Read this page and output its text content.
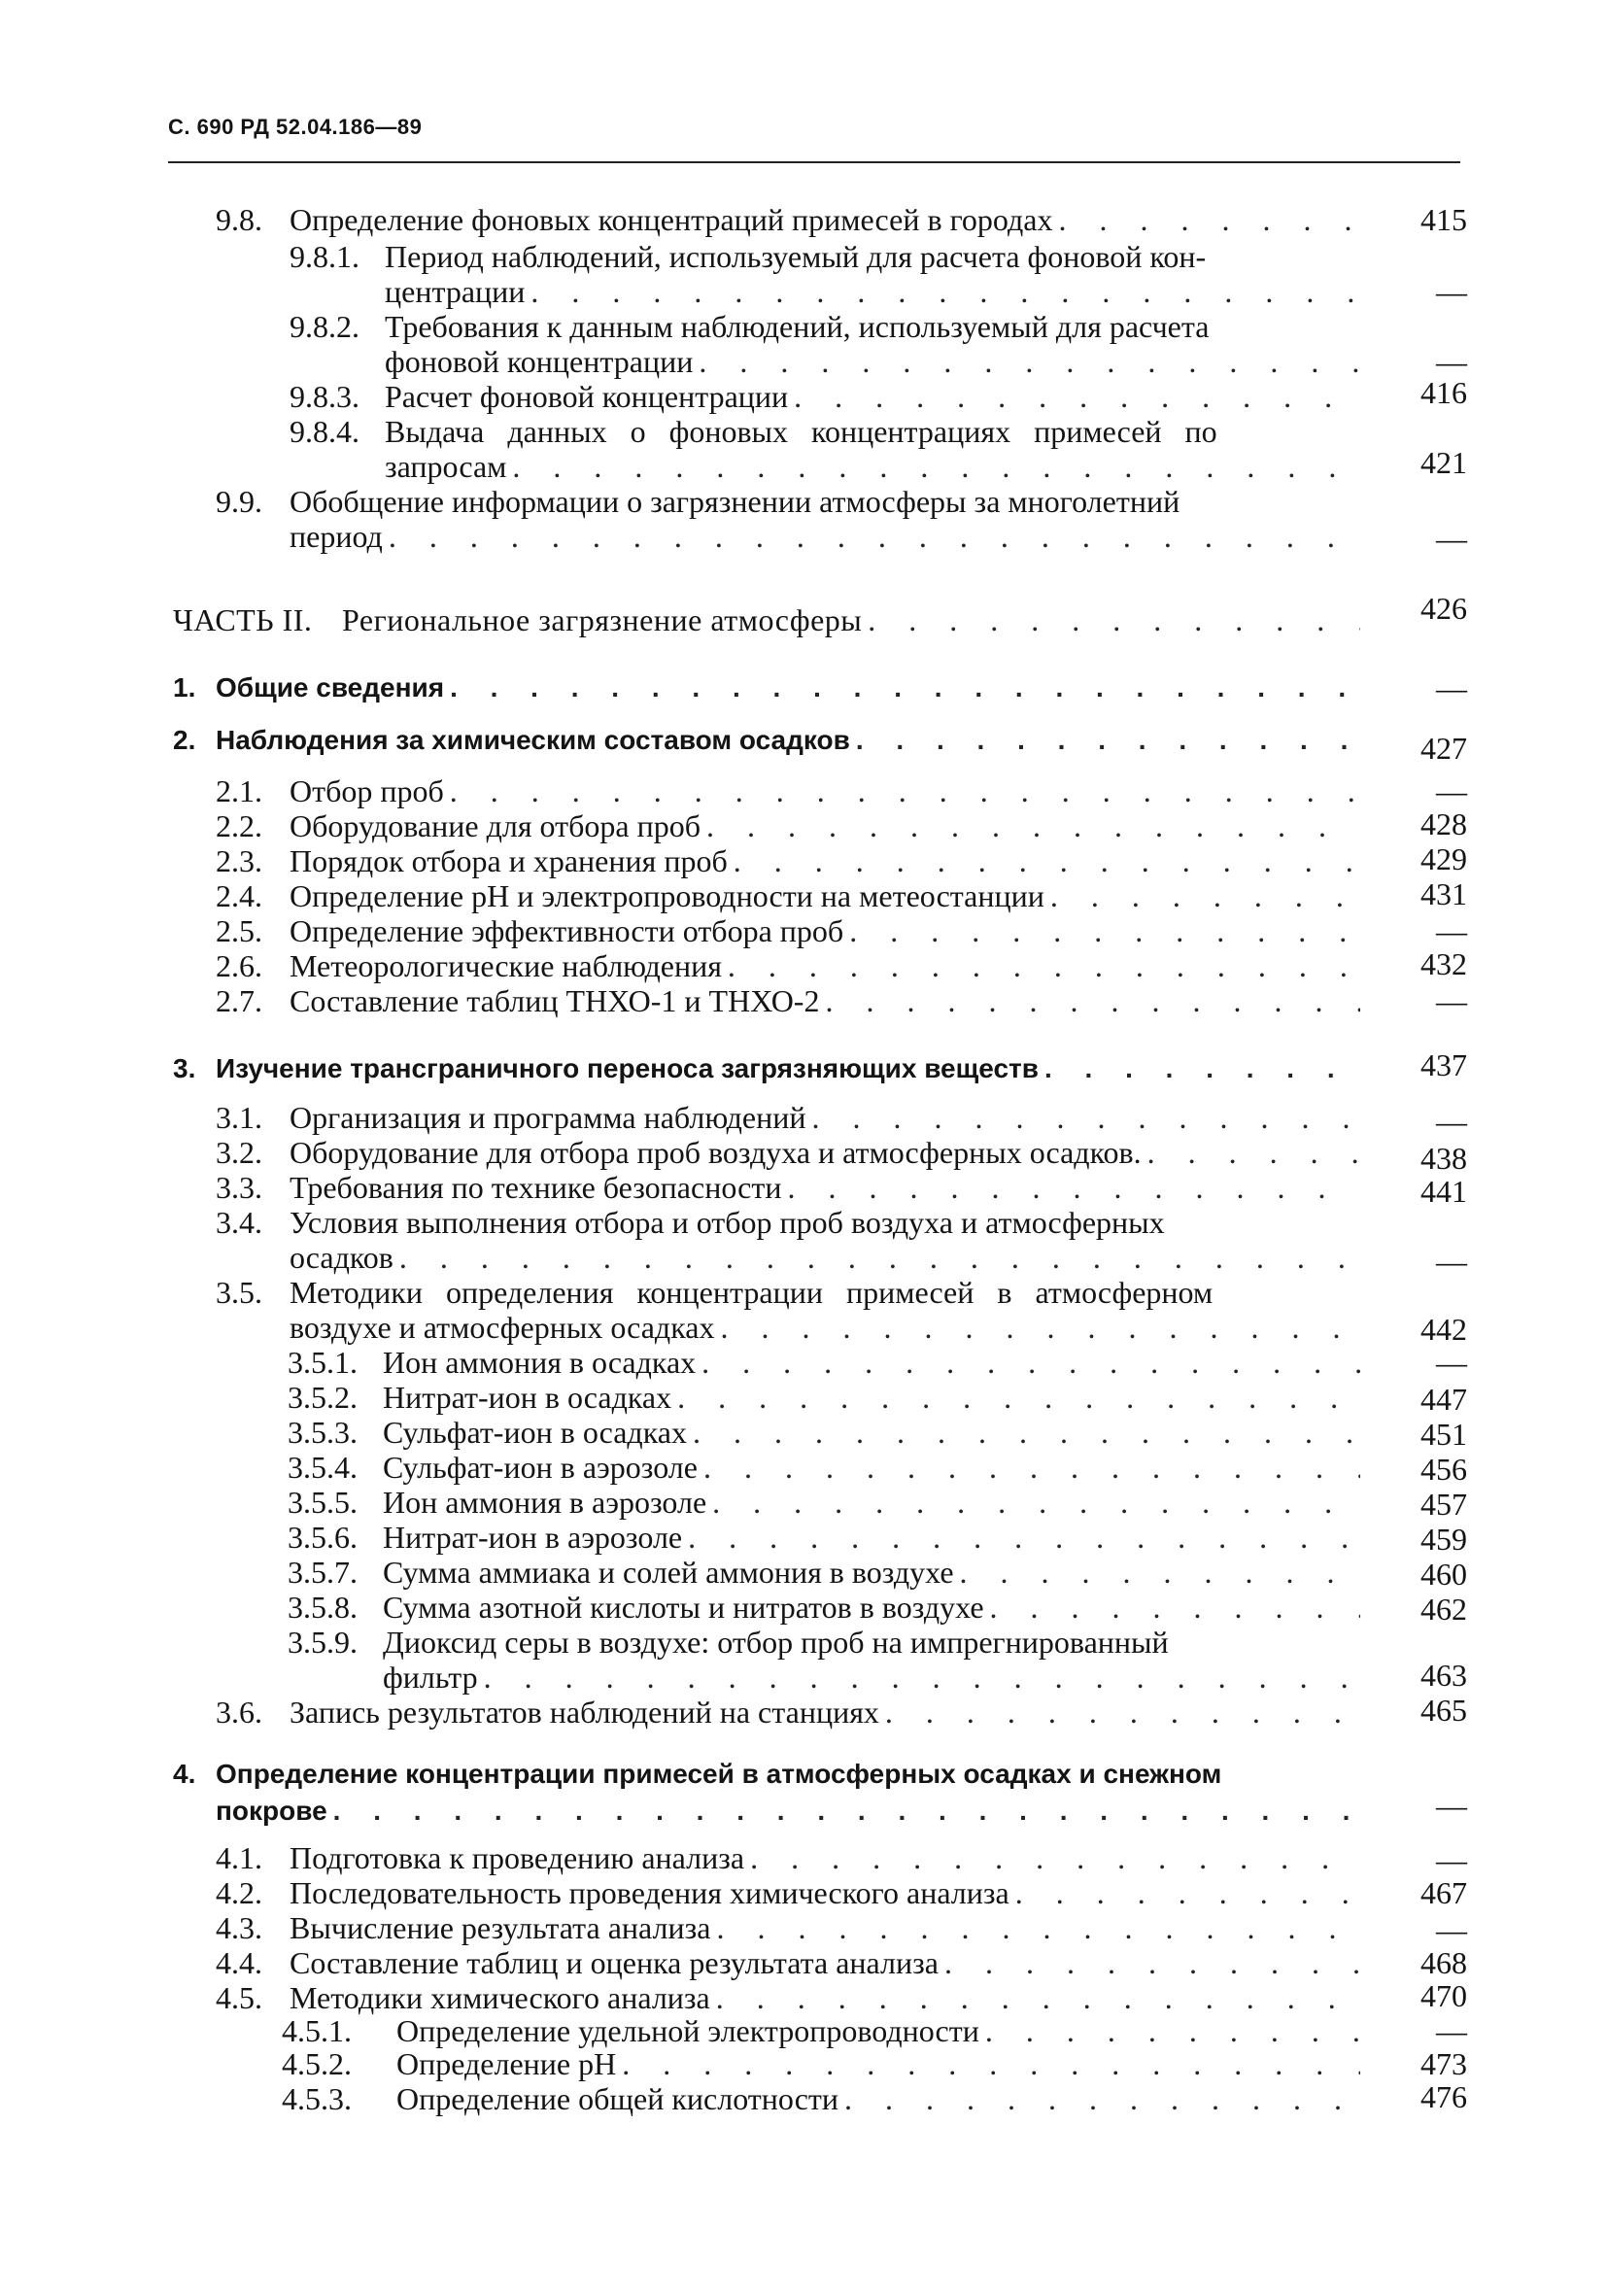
С. 690 РД 52.04.186—89
9.8. Определение фоновых концентраций примесей в городах . . .	415
9.8.1. Период наблюдений, используемый для расчета фоновой кон-
центрации . . .	—
9.8.2. Требования к данным наблюдений, используемый для расчета
фоновой концентрации . . .	—
9.8.3. Расчет фоновой концентрации . . .	416
9.8.4. Выдача   данных   о   фоновых   концентрациях   примесей   по
запросам . . .	421
9.9. Обобщение информации о загрязнении атмосферы за многолетний
период . . .	—
ЧАСТЬ II. Региональное загрязнение атмосферы . . .	426
1. Общие сведения . . .	—
2. Наблюдения за химическим составом осадков . . .	427
2.1. Отбор проб . . .	—
2.2. Оборудование для отбора проб . . .	428
2.3. Порядок отбора и хранения проб . . .	429
2.4. Определение рН и электропроводности на метеостанции . . .	431
2.5. Определение эффективности отбора проб . . .	—
2.6. Метеорологические наблюдения . . .	432
2.7. Составление таблиц ТНХО-1 и ТНХО-2 . . .	—
3. Изучение трансграничного переноса загрязняющих веществ . . .	437
3.1. Организация и программа наблюдений . . .	—
3.2. Оборудование для отбора проб воздуха и атмосферных осадков. . . .	438
3.3. Требования по технике безопасности . . .	441
3.4. Условия выполнения отбора и отбор проб воздуха и атмосферных
осадков . . .	—
3.5. Методики   определения   концентрации   примесей   в   атмосферном
воздухе и атмосферных осадках . . .	442
3.5.1. Ион аммония в осадках . . .	—
3.5.2. Нитрат-ион в осадках . . .	447
3.5.3. Сульфат-ион в осадках . . .	451
3.5.4. Сульфат-ион в аэрозоле . . .	456
3.5.5. Ион аммония в аэрозоле . . .	457
3.5.6. Нитрат-ион в аэрозоле . . .	459
3.5.7. Сумма аммиака и солей аммония в воздухе . . .	460
3.5.8. Сумма азотной кислоты и нитратов в воздухе . . .	462
3.5.9. Диоксид серы в воздухе: отбор проб на импрегнированный
фильтр . . .	463
3.6. Запись результатов наблюдений на станциях . . .	465
4. Определение концентрации примесей в атмосферных осадках и снежном
покрове . . .	—
4.1. Подготовка к проведению анализа . . .	—
4.2. Последовательность проведения химического анализа . . .	467
4.3. Вычисление результата анализа . . .	—
4.4. Составление таблиц и оценка результата анализа . . .	468
4.5. Методики химического анализа . . .	470
4.5.1.	Определение удельной электропроводности . . .	—
4.5.2.	Определение рН . . .	473
4.5.3.	Определение общей кислотности . . .	476
